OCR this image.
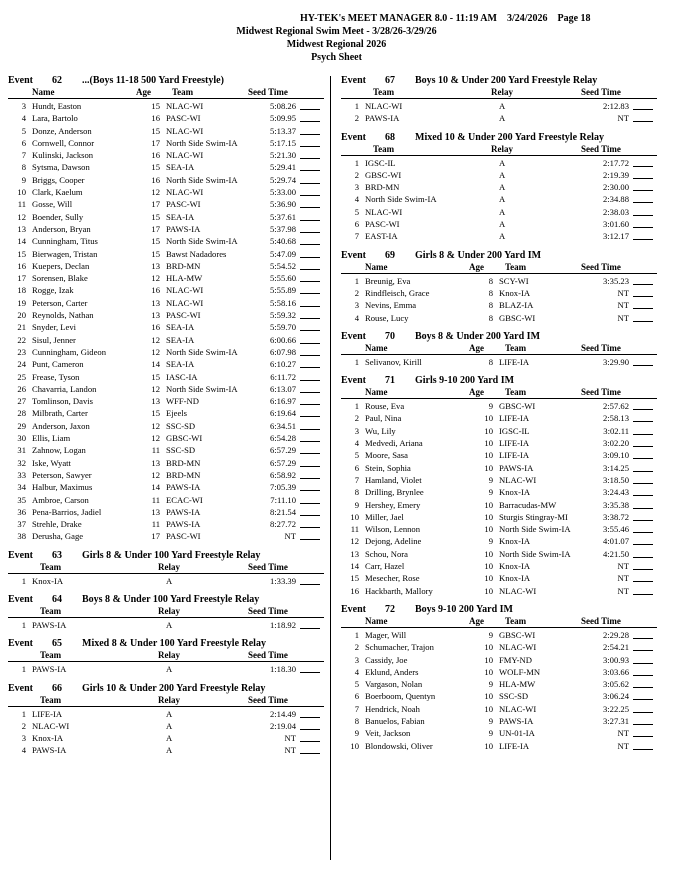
HY-TEK's MEET MANAGER 8.0 - 11:19 AM    3/24/2026    Page 18
Midwest Regional Swim Meet - 3/28/26-3/29/26
Midwest Regional 2026
Psych Sheet
Event 62 ...(Boys 11-18 500 Yard Freestyle)
Name	Age Team	Seed Time
3 Hundt, Easton	15 NLAC-WI	5:08.26
4 Lara, Bartolo	16 PASC-WI	5:09.95
5 Donze, Anderson	15 NLAC-WI	5:13.37
6 Cornwell, Connor	17 North Side Swim-IA	5:17.15
7 Kulinski, Jackson	16 NLAC-WI	5:21.30
8 Sytsma, Dawson	15 SEA-IA	5:29.41
9 Briggs, Cooper	16 North Side Swim-IA	5:29.74
10 Clark, Kaelum	12 NLAC-WI	5:33.00
11 Gosse, Will	17 PASC-WI	5:36.90
12 Boender, Sully	15 SEA-IA	5:37.61
13 Anderson, Bryan	17 PAWS-IA	5:37.98
14 Cunningham, Titus	15 North Side Swim-IA	5:40.68
15 Bierwagen, Tristan	15 Bawst Nadadores	5:47.09
16 Kuepers, Declan	13 BRD-MN	5:54.52
17 Sorensen, Blake	12 HLA-MW	5:55.60
18 Rogge, Izak	16 NLAC-WI	5:55.89
19 Peterson, Carter	13 NLAC-WI	5:58.16
20 Reynolds, Nathan	13 PASC-WI	5:59.32
21 Snyder, Levi	16 SEA-IA	5:59.70
22 Sisul, Jenner	12 SEA-IA	6:00.66
23 Cunningham, Gideon	12 North Side Swim-IA	6:07.98
24 Punt, Cameron	14 SEA-IA	6:10.27
25 Frease, Tyson	15 IASC-IA	6:11.72
26 Chavarria, Landon	12 North Side Swim-IA	6:13.07
27 Tomlinson, Davis	13 WFF-ND	6:16.97
28 Milbrath, Carter	15 Ejeels	6:19.64
29 Anderson, Jaxon	12 SSC-SD	6:34.51
30 Ellis, Liam	12 GBSC-WI	6:54.28
31 Zahnow, Logan	11 SSC-SD	6:57.29
32 Iske, Wyatt	13 BRD-MN	6:57.29
33 Peterson, Sawyer	12 BRD-MN	6:58.92
34 Halbur, Maximus	14 PAWS-IA	7:05.39
35 Ambroe, Carson	11 ECAC-WI	7:11.10
36 Pena-Barrios, Jadiel	13 PAWS-IA	8:21.54
37 Strehle, Drake	11 PAWS-IA	8:27.72
38 Derusha, Gage	17 PASC-WI	NT
Event 63 Girls 8 & Under 100 Yard Freestyle Relay
Team	Relay	Seed Time
1 Knox-IA	A	1:33.39
Event 64 Boys 8 & Under 100 Yard Freestyle Relay
Team	Relay	Seed Time
1 PAWS-IA	A	1:18.92
Event 65 Mixed 8 & Under 100 Yard Freestyle Relay
Team	Relay	Seed Time
1 PAWS-IA	A	1:18.30
Event 66 Girls 10 & Under 200 Yard Freestyle Relay
Team	Relay	Seed Time
1 LIFE-IA	A	2:14.49
2 NLAC-WI	A	2:19.04
3 Knox-IA	A	NT
4 PAWS-IA	A	NT
Event 67 Boys 10 & Under 200 Yard Freestyle Relay
Team	Relay	Seed Time
1 NLAC-WI	A	2:12.83
2 PAWS-IA	A	NT
Event 68 Mixed 10 & Under 200 Yard Freestyle Relay
Team	Relay	Seed Time
1 IGSC-IL	A	2:17.72
2 GBSC-WI	A	2:19.39
3 BRD-MN	A	2:30.00
4 North Side Swim-IA	A	2:34.88
5 NLAC-WI	A	2:38.03
6 PASC-WI	A	3:01.60
7 EAST-IA	A	3:12.17
Event 69 Girls 8 & Under 200 Yard IM
Name	Age Team	Seed Time
1 Breunig, Eva	8 SCY-WI	3:35.23
2 Rindfleisch, Grace	8 Knox-IA	NT
3 Nevins, Emma	8 BLAZ-IA	NT
4 Rouse, Lucy	8 GBSC-WI	NT
Event 70 Boys 8 & Under 200 Yard IM
Name	Age Team	Seed Time
1 Selivanov, Kirill	8 LIFE-IA	3:29.90
Event 71 Girls 9-10 200 Yard IM
Name	Age Team	Seed Time
1 Rouse, Eva	9 GBSC-WI	2:57.62
2 Paul, Nina	10 LIFE-IA	2:58.13
3 Wu, Lily	10 IGSC-IL	3:02.11
4 Medvedi, Ariana	10 LIFE-IA	3:02.20
5 Moore, Sasa	10 LIFE-IA	3:09.10
6 Stein, Sophia	10 PAWS-IA	3:14.25
7 Hamland, Violet	9 NLAC-WI	3:18.50
8 Drilling, Brynlee	9 Knox-IA	3:24.43
9 Hershey, Emery	10 Barracudas-MW	3:35.38
10 Miller, Jael	10 Sturgis Stingray-MI	3:38.72
11 Wilson, Lennon	10 North Side Swim-IA	3:55.46
12 Dejong, Adeline	9 Knox-IA	4:01.07
13 Schou, Nora	10 North Side Swim-IA	4:21.50
14 Carr, Hazel	10 Knox-IA	NT
15 Mesecher, Rose	10 Knox-IA	NT
16 Hackbarth, Mallory	10 NLAC-WI	NT
Event 72 Boys 9-10 200 Yard IM
Name	Age Team	Seed Time
1 Mager, Will	9 GBSC-WI	2:29.28
2 Schumacher, Trajon	10 NLAC-WI	2:54.21
3 Cassidy, Joe	10 FMY-ND	3:00.93
4 Eklund, Anders	10 WOLF-MN	3:03.66
5 Vargason, Nolan	9 HLA-MW	3:05.62
6 Boerboom, Quentyn	10 SSC-SD	3:06.24
7 Hendrick, Noah	10 NLAC-WI	3:22.25
8 Banuelos, Fabian	9 PAWS-IA	3:27.31
9 Veit, Jackson	9 UN-01-IA	NT
10 Blondowski, Oliver	10 LIFE-IA	NT
